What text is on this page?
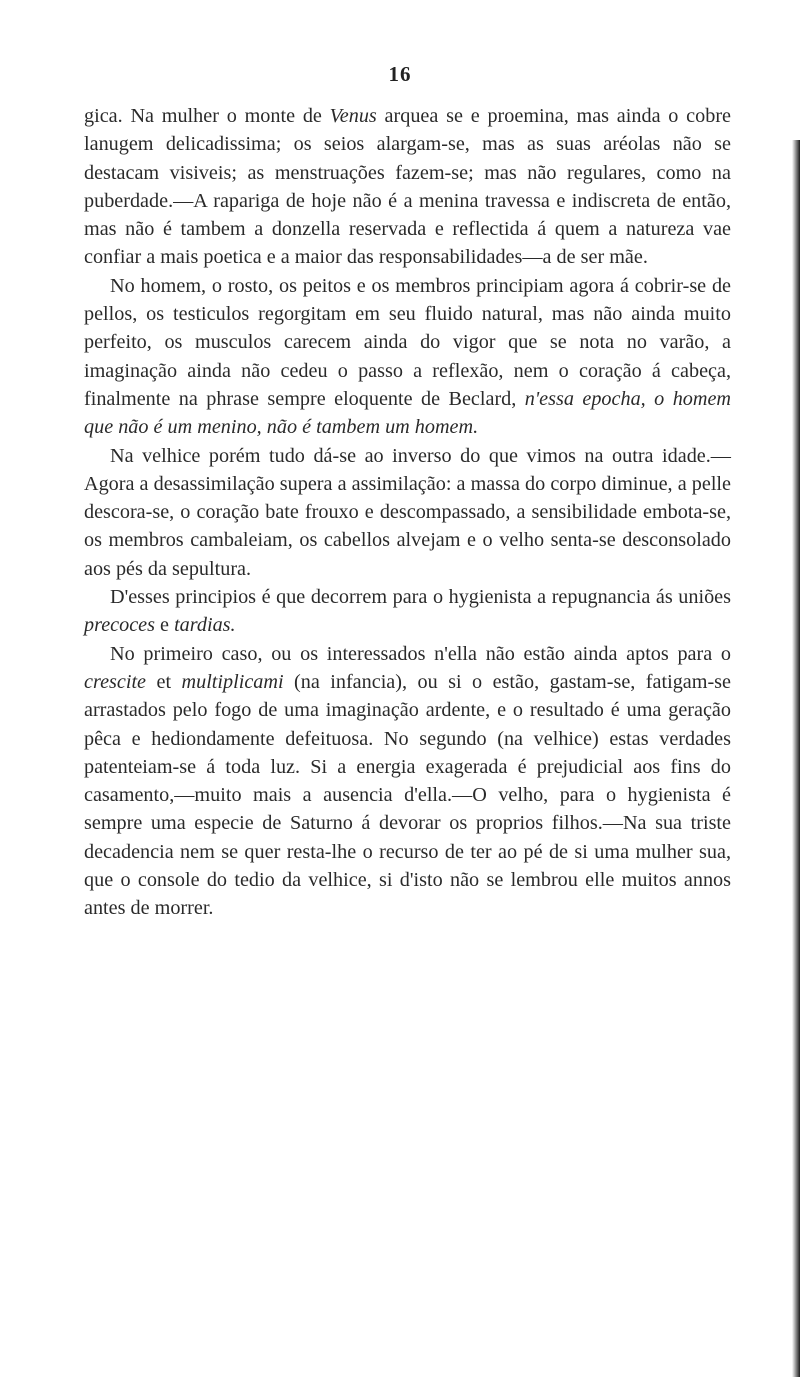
16

gica. Na mulher o monte de Venus arquea se e proemina, mas ainda o cobre lanugem delicadissima; os seios alargam-se, mas as suas aréolas não se destacam visiveis; as menstruações fazem-se; mas não regulares, como na puberdade.—A rapariga de hoje não é a menina travessa e indiscreta de então, mas não é tambem a donzella reservada e reflectida á quem a natureza vae confiar a mais poetica e a maior das responsabilidades—a de ser mãe.

No homem, o rosto, os peitos e os membros principiam agora á cobrir-se de pellos, os testiculos regorgitam em seu fluido natural, mas não ainda muito perfeito, os musculos carecem ainda do vigor que se nota no varão, a imaginação ainda não cedeu o passo a reflexão, nem o coração á cabeça, finalmente na phrase sempre eloquente de Beclard, n'essa epocha, o homem que não é um menino, não é tambem um homem.

Na velhice porém tudo dá-se ao inverso do que vimos na outra idade.—Agora a desassimilação supera a assimilação: a massa do corpo diminue, a pelle descora-se, o coração bate frouxo e descompassado, a sensibilidade embota-se, os membros cambaleiam, os cabellos alvejam e o velho senta-se desconsolado aos pés da sepultura.

D'esses principios é que decorrem para o hygienista a repugnancia ás uniões precoces e tardias.

No primeiro caso, ou os interessados n'ella não estão ainda aptos para o crescite et multiplicami (na infancia), ou si o estão, gastam-se, fatigam-se arrastados pelo fogo de uma imaginação ardente, e o resultado é uma geração pêca e hediondamente defeituosa. No segundo (na velhice) estas verdades patenteiam-se á toda luz. Si a energia exagerada é prejudicial aos fins do casamento,—muito mais a ausencia d'ella.—O velho, para o hygienista é sempre uma especie de Saturno á devorar os proprios filhos.—Na sua triste decadencia nem se quer resta-lhe o recurso de ter ao pé de si uma mulher sua, que o console do tedio da velhice, si d'isto não se lembrou elle muitos annos antes de morrer.
